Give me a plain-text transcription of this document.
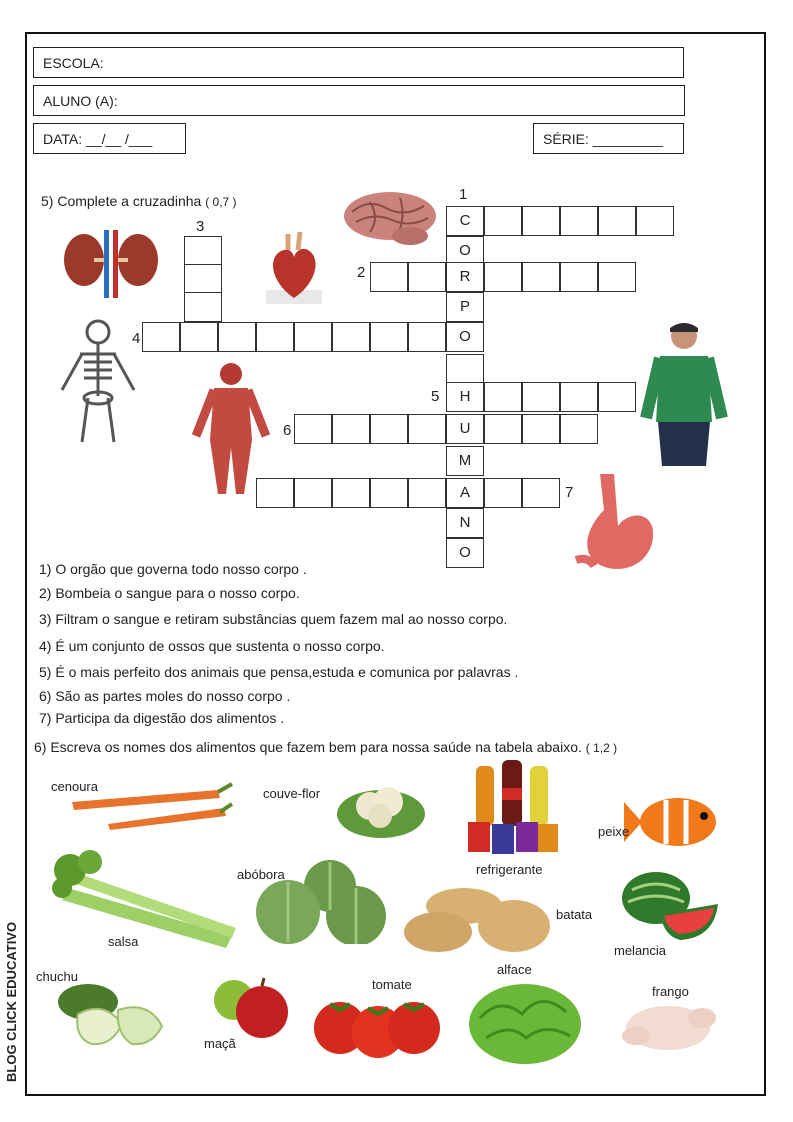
ESCOLA:
ALUNO (A):
DATA: __/__ /___	SÉRIE: _________
5) Complete a cruzadinha ( 0,7 )
C
O
R
P
O
H
U
M
A
N
O
1
2
3
4
5
6
7
1) O orgão que governa todo nosso corpo .
2) Bombeia o sangue para o nosso corpo.
3) Filtram o sangue e retiram substâncias quem fazem mal ao nosso corpo.
4) É um conjunto de ossos que sustenta o nosso corpo.
5) É o mais perfeito dos animais que pensa,estuda e comunica por palavras .
6) São as partes moles do nosso corpo .
7) Participa da digestão dos alimentos .
6) Escreva os nomes dos alimentos que fazem bem para nossa saúde na tabela abaixo. ( 1,2 )
cenoura	couve-flor
refrigerante
peixe
salsa
abóbora
batata
melancia
chuchu
maçã
tomate
alface
frango
BLOG CLICK EDUCATIVO
